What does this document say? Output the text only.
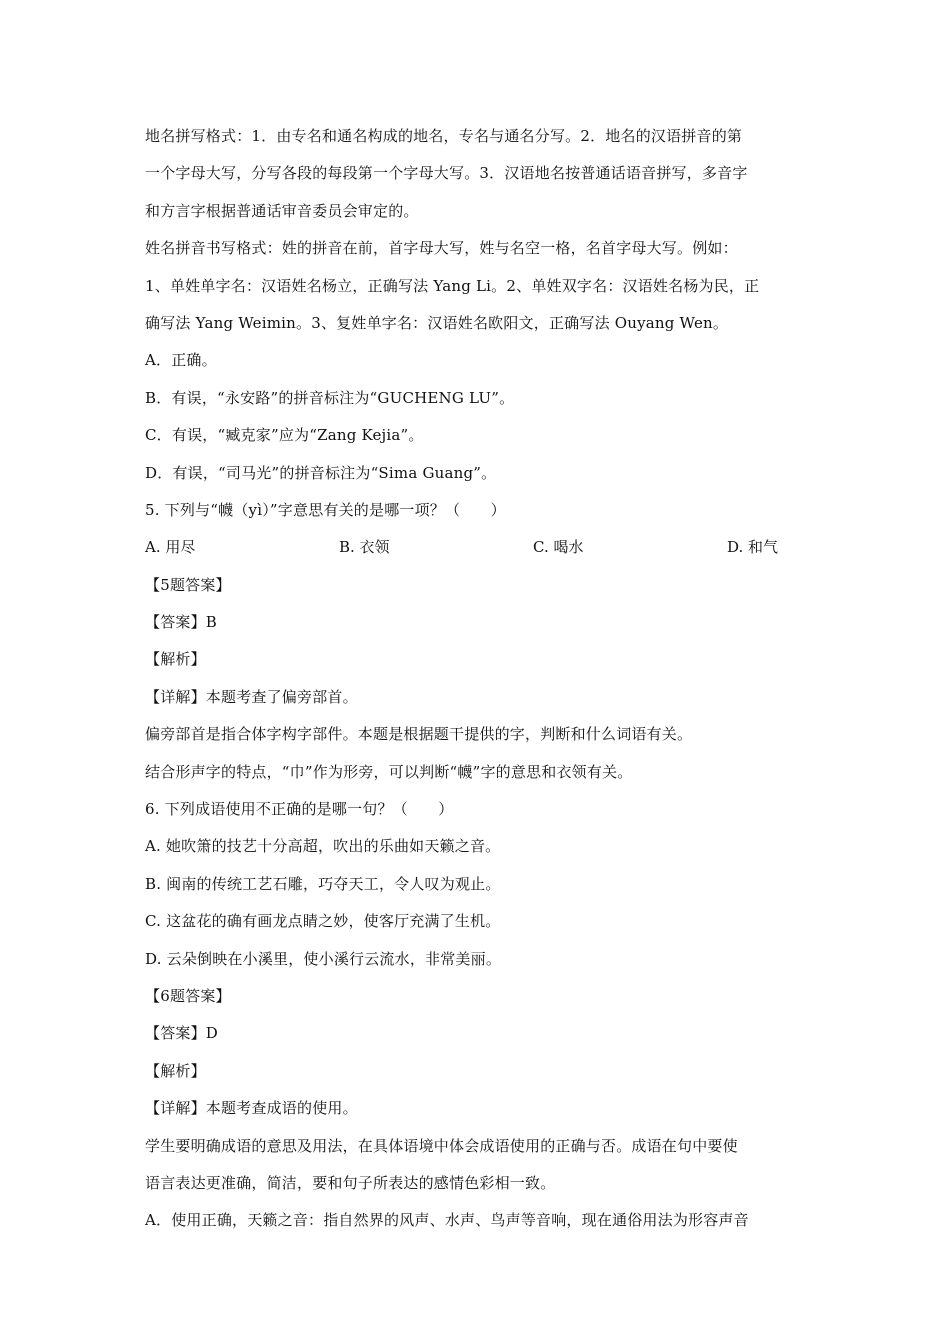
地名拼写格式：1．由专名和通名构成的地名，专名与通名分写。2．地名的汉语拼音的第
一个字母大写，分写各段的每段第一个字母大写。3．汉语地名按普通话语音拼写，多音字
和方言字根据普通话审音委员会审定的。
姓名拼音书写格式：姓的拼音在前，首字母大写，姓与名空一格，名首字母大写。例如：
1、单姓单字名：汉语姓名杨立，正确写法 Yang Li。2、单姓双字名：汉语姓名杨为民，正
确写法 Yang Weimin。3、复姓单字名：汉语姓名欧阳文，正确写法 Ouyang Wen。
A．正确。
B．有误，“永安路”的拼音标注为“GUCHENG LU”。
C．有误，“臧克家”应为“Zang Kejia”。
D．有误，“司马光”的拼音标注为“Sima Guang”。
5. 下列与“幭（yì）”字意思有关的是哪一项？（　　）
A. 用尽	B. 衣领	C. 喝水	D. 和气
【5题答案】
【答案】B
【解析】
【详解】本题考查了偏旁部首。
偏旁部首是指合体字构字部件。本题是根据题干提供的字，判断和什么词语有关。
结合形声字的特点，“巾”作为形旁，可以判断“幭”字的意思和衣领有关。
6. 下列成语使用不正确的是哪一句？（　　）
A. 她吹箫的技艺十分高超，吹出的乐曲如天籁之音。
B. 闽南的传统工艺石雕，巧夺天工，令人叹为观止。
C. 这盆花的确有画龙点睛之妙，使客厅充满了生机。
D. 云朵倒映在小溪里，使小溪行云流水，非常美丽。
【6题答案】
【答案】D
【解析】
【详解】本题考查成语的使用。
学生要明确成语的意思及用法，在具体语境中体会成语使用的正确与否。成语在句中要使
语言表达更准确，简洁，要和句子所表达的感情色彩相一致。
A．使用正确，天籁之音：指自然界的风声、水声、鸟声等音响，现在通俗用法为形容声音
